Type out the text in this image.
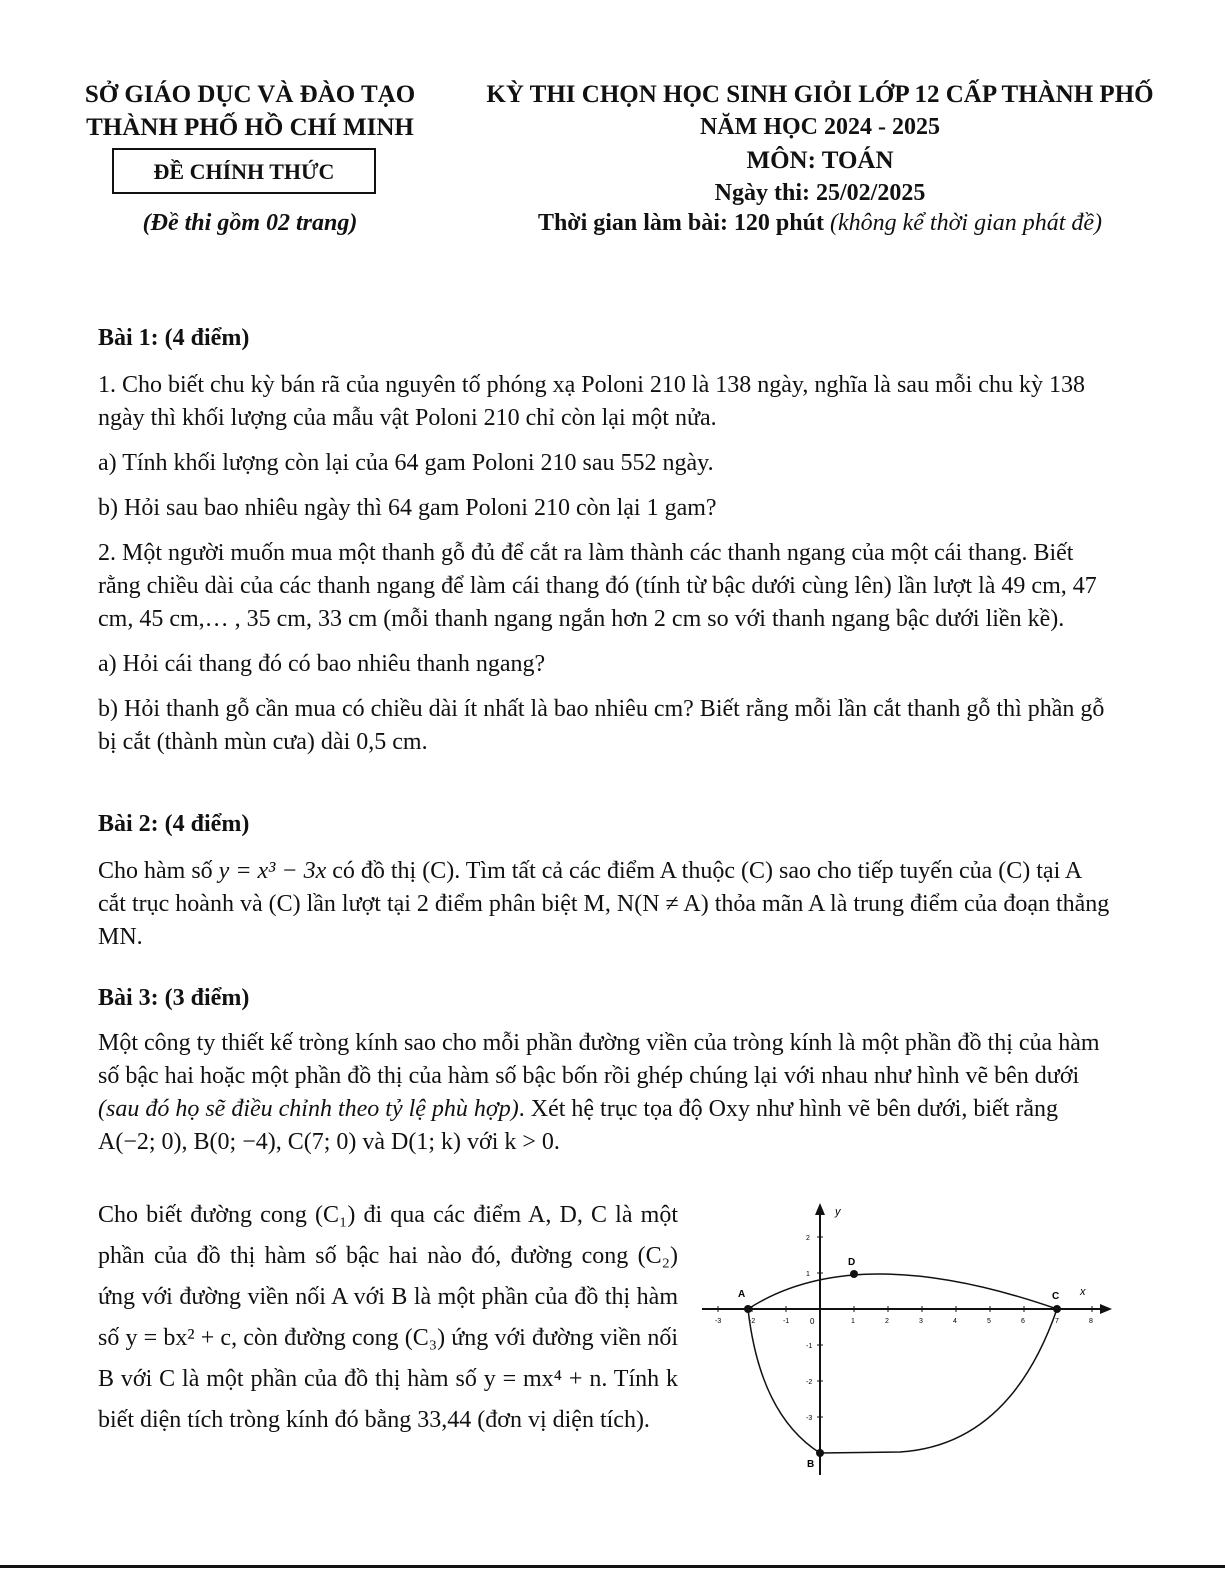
SỞ GIÁO DỤC VÀ ĐÀO TẠO
THÀNH PHỐ HỒ CHÍ MINH
ĐỀ CHÍNH THỨC
(Đề thi gồm 02 trang)
KỲ THI CHỌN HỌC SINH GIỎI LỚP 12 CẤP THÀNH PHỐ
NĂM HỌC 2024 - 2025
MÔN: TOÁN
Ngày thi: 25/02/2025
Thời gian làm bài: 120 phút (không kể thời gian phát đề)

Bài 1: (4 điểm)

1. Cho biết chu kỳ bán rã của nguyên tố phóng xạ Poloni 210 là 138 ngày, nghĩa là sau mỗi chu kỳ 138 ngày thì khối lượng của mẫu vật Poloni 210 chỉ còn lại một nửa.

a) Tính khối lượng còn lại của 64 gam Poloni 210 sau 552 ngày.

b) Hỏi sau bao nhiêu ngày thì 64 gam Poloni 210 còn lại 1 gam?

2. Một người muốn mua một thanh gỗ đủ để cắt ra làm thành các thanh ngang của một cái thang. Biết rằng chiều dài của các thanh ngang để làm cái thang đó (tính từ bậc dưới cùng lên) lần lượt là 49 cm, 47 cm, 45 cm,… , 35 cm, 33 cm (mỗi thanh ngang ngắn hơn 2 cm so với thanh ngang bậc dưới liền kề).

a) Hỏi cái thang đó có bao nhiêu thanh ngang?

b) Hỏi thanh gỗ cần mua có chiều dài ít nhất là bao nhiêu cm? Biết rằng mỗi lần cắt thanh gỗ thì phần gỗ bị cắt (thành mùn cưa) dài 0,5 cm.

Bài 2: (4 điểm)

Cho hàm số y = x³ − 3x có đồ thị (C). Tìm tất cả các điểm A thuộc (C) sao cho tiếp tuyến của (C) tại A cắt trục hoành và (C) lần lượt tại 2 điểm phân biệt M, N(N ≠ A) thỏa mãn A là trung điểm của đoạn thẳng MN.

Bài 3: (3 điểm)

Một công ty thiết kế tròng kính sao cho mỗi phần đường viền của tròng kính là một phần đồ thị của hàm số bậc hai hoặc một phần đồ thị của hàm số bậc bốn rồi ghép chúng lại với nhau như hình vẽ bên dưới (sau đó họ sẽ điều chỉnh theo tỷ lệ phù hợp). Xét hệ trục tọa độ Oxy như hình vẽ bên dưới, biết rằng A(−2; 0), B(0; −4), C(7; 0) và D(1; k) với k > 0.

Cho biết đường cong (C₁) đi qua các điểm A, D, C là một phần của đồ thị hàm số bậc hai nào đó, đường cong (C₂) ứng với đường viền nối A với B là một phần của đồ thị hàm số y = bx² + c, còn đường cong (C₃) ứng với đường viền nối B với C là một phần của đồ thị hàm số y = mx⁴ + n. Tính k biết diện tích tròng kính đó bằng 33,44 (đơn vị diện tích).
y
x
0
-3	-2	-1	1	2	3	4	5	6	7	8
2
1
-1
-2
-3
A
B
C
D
